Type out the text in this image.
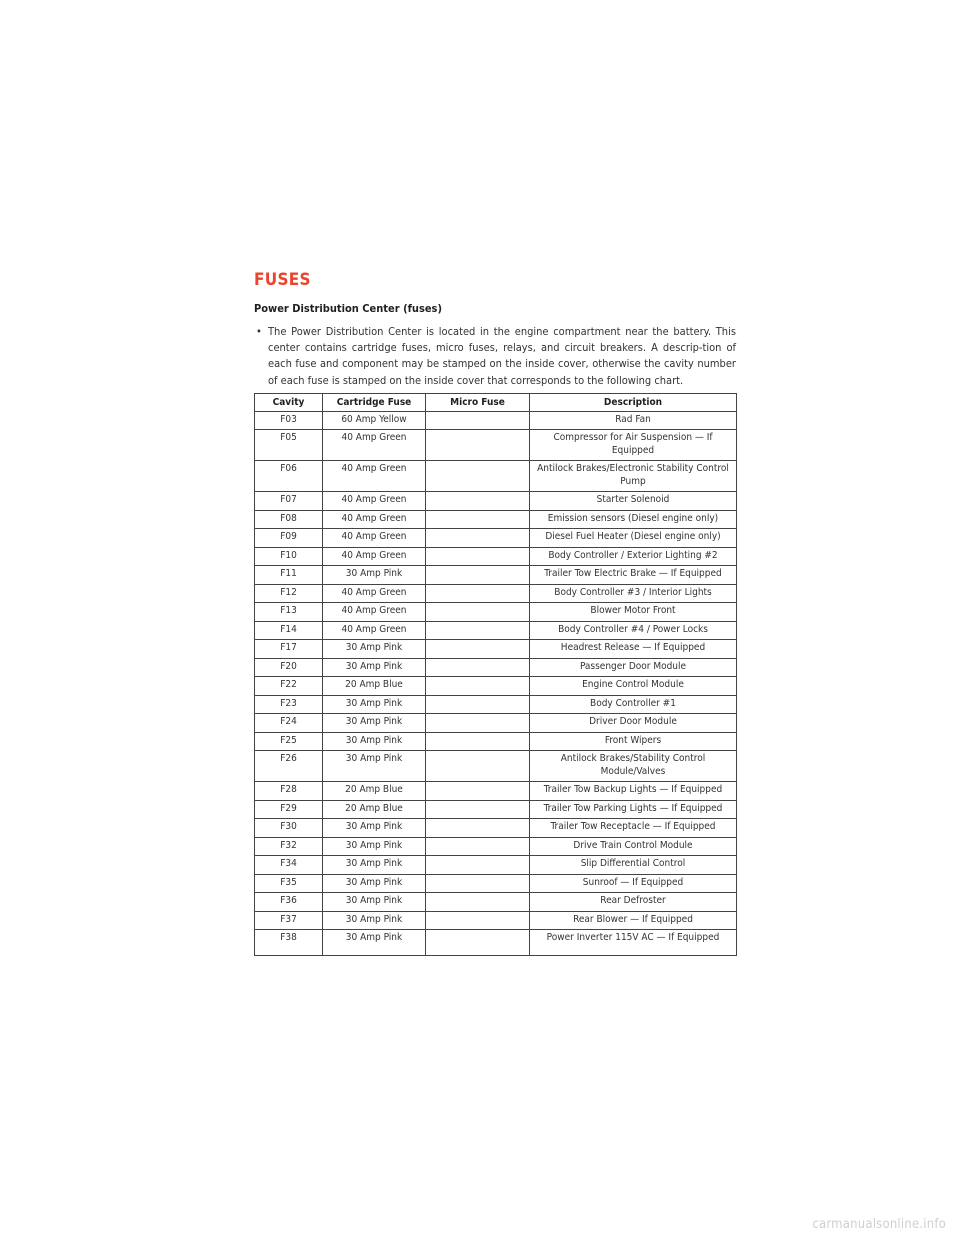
FUSES
Power Distribution Center (fuses)

• The Power Distribution Center is located in the engine compartment near the battery. This center contains cartridge fuses, micro fuses, relays, and circuit breakers. A descrip-tion of each fuse and component may be stamped on the inside cover, otherwise the cavity number of each fuse is stamped on the inside cover that corresponds to the following chart.

Cavity	Cartridge Fuse	Micro Fuse	Description
F03	60 Amp Yellow		Rad Fan
F05	40 Amp Green		Compressor for Air Suspension — If Equipped
F06	40 Amp Green		Antilock Brakes/Electronic Stability Control Pump
F07	40 Amp Green		Starter Solenoid
F08	40 Amp Green		Emission sensors (Diesel engine only)
F09	40 Amp Green		Diesel Fuel Heater (Diesel engine only)
F10	40 Amp Green		Body Controller / Exterior Lighting #2
F11	30 Amp Pink		Trailer Tow Electric Brake — If Equipped
F12	40 Amp Green		Body Controller #3 / Interior Lights
F13	40 Amp Green		Blower Motor Front
F14	40 Amp Green		Body Controller #4 / Power Locks
F17	30 Amp Pink		Headrest Release — If Equipped
F20	30 Amp Pink		Passenger Door Module
F22	20 Amp Blue		Engine Control Module
F23	30 Amp Pink		Body Controller #1
F24	30 Amp Pink		Driver Door Module
F25	30 Amp Pink		Front Wipers
F26	30 Amp Pink		Antilock Brakes/Stability Control Module/Valves
F28	20 Amp Blue		Trailer Tow Backup Lights — If Equipped
F29	20 Amp Blue		Trailer Tow Parking Lights — If Equipped
F30	30 Amp Pink		Trailer Tow Receptacle — If Equipped
F32	30 Amp Pink		Drive Train Control Module
F34	30 Amp Pink		Slip Differential Control
F35	30 Amp Pink		Sunroof — If Equipped
F36	30 Amp Pink		Rear Defroster
F37	30 Amp Pink		Rear Blower — If Equipped
F38	30 Amp Pink		Power Inverter 115V AC — If Equipped
carmanualsonline.info
